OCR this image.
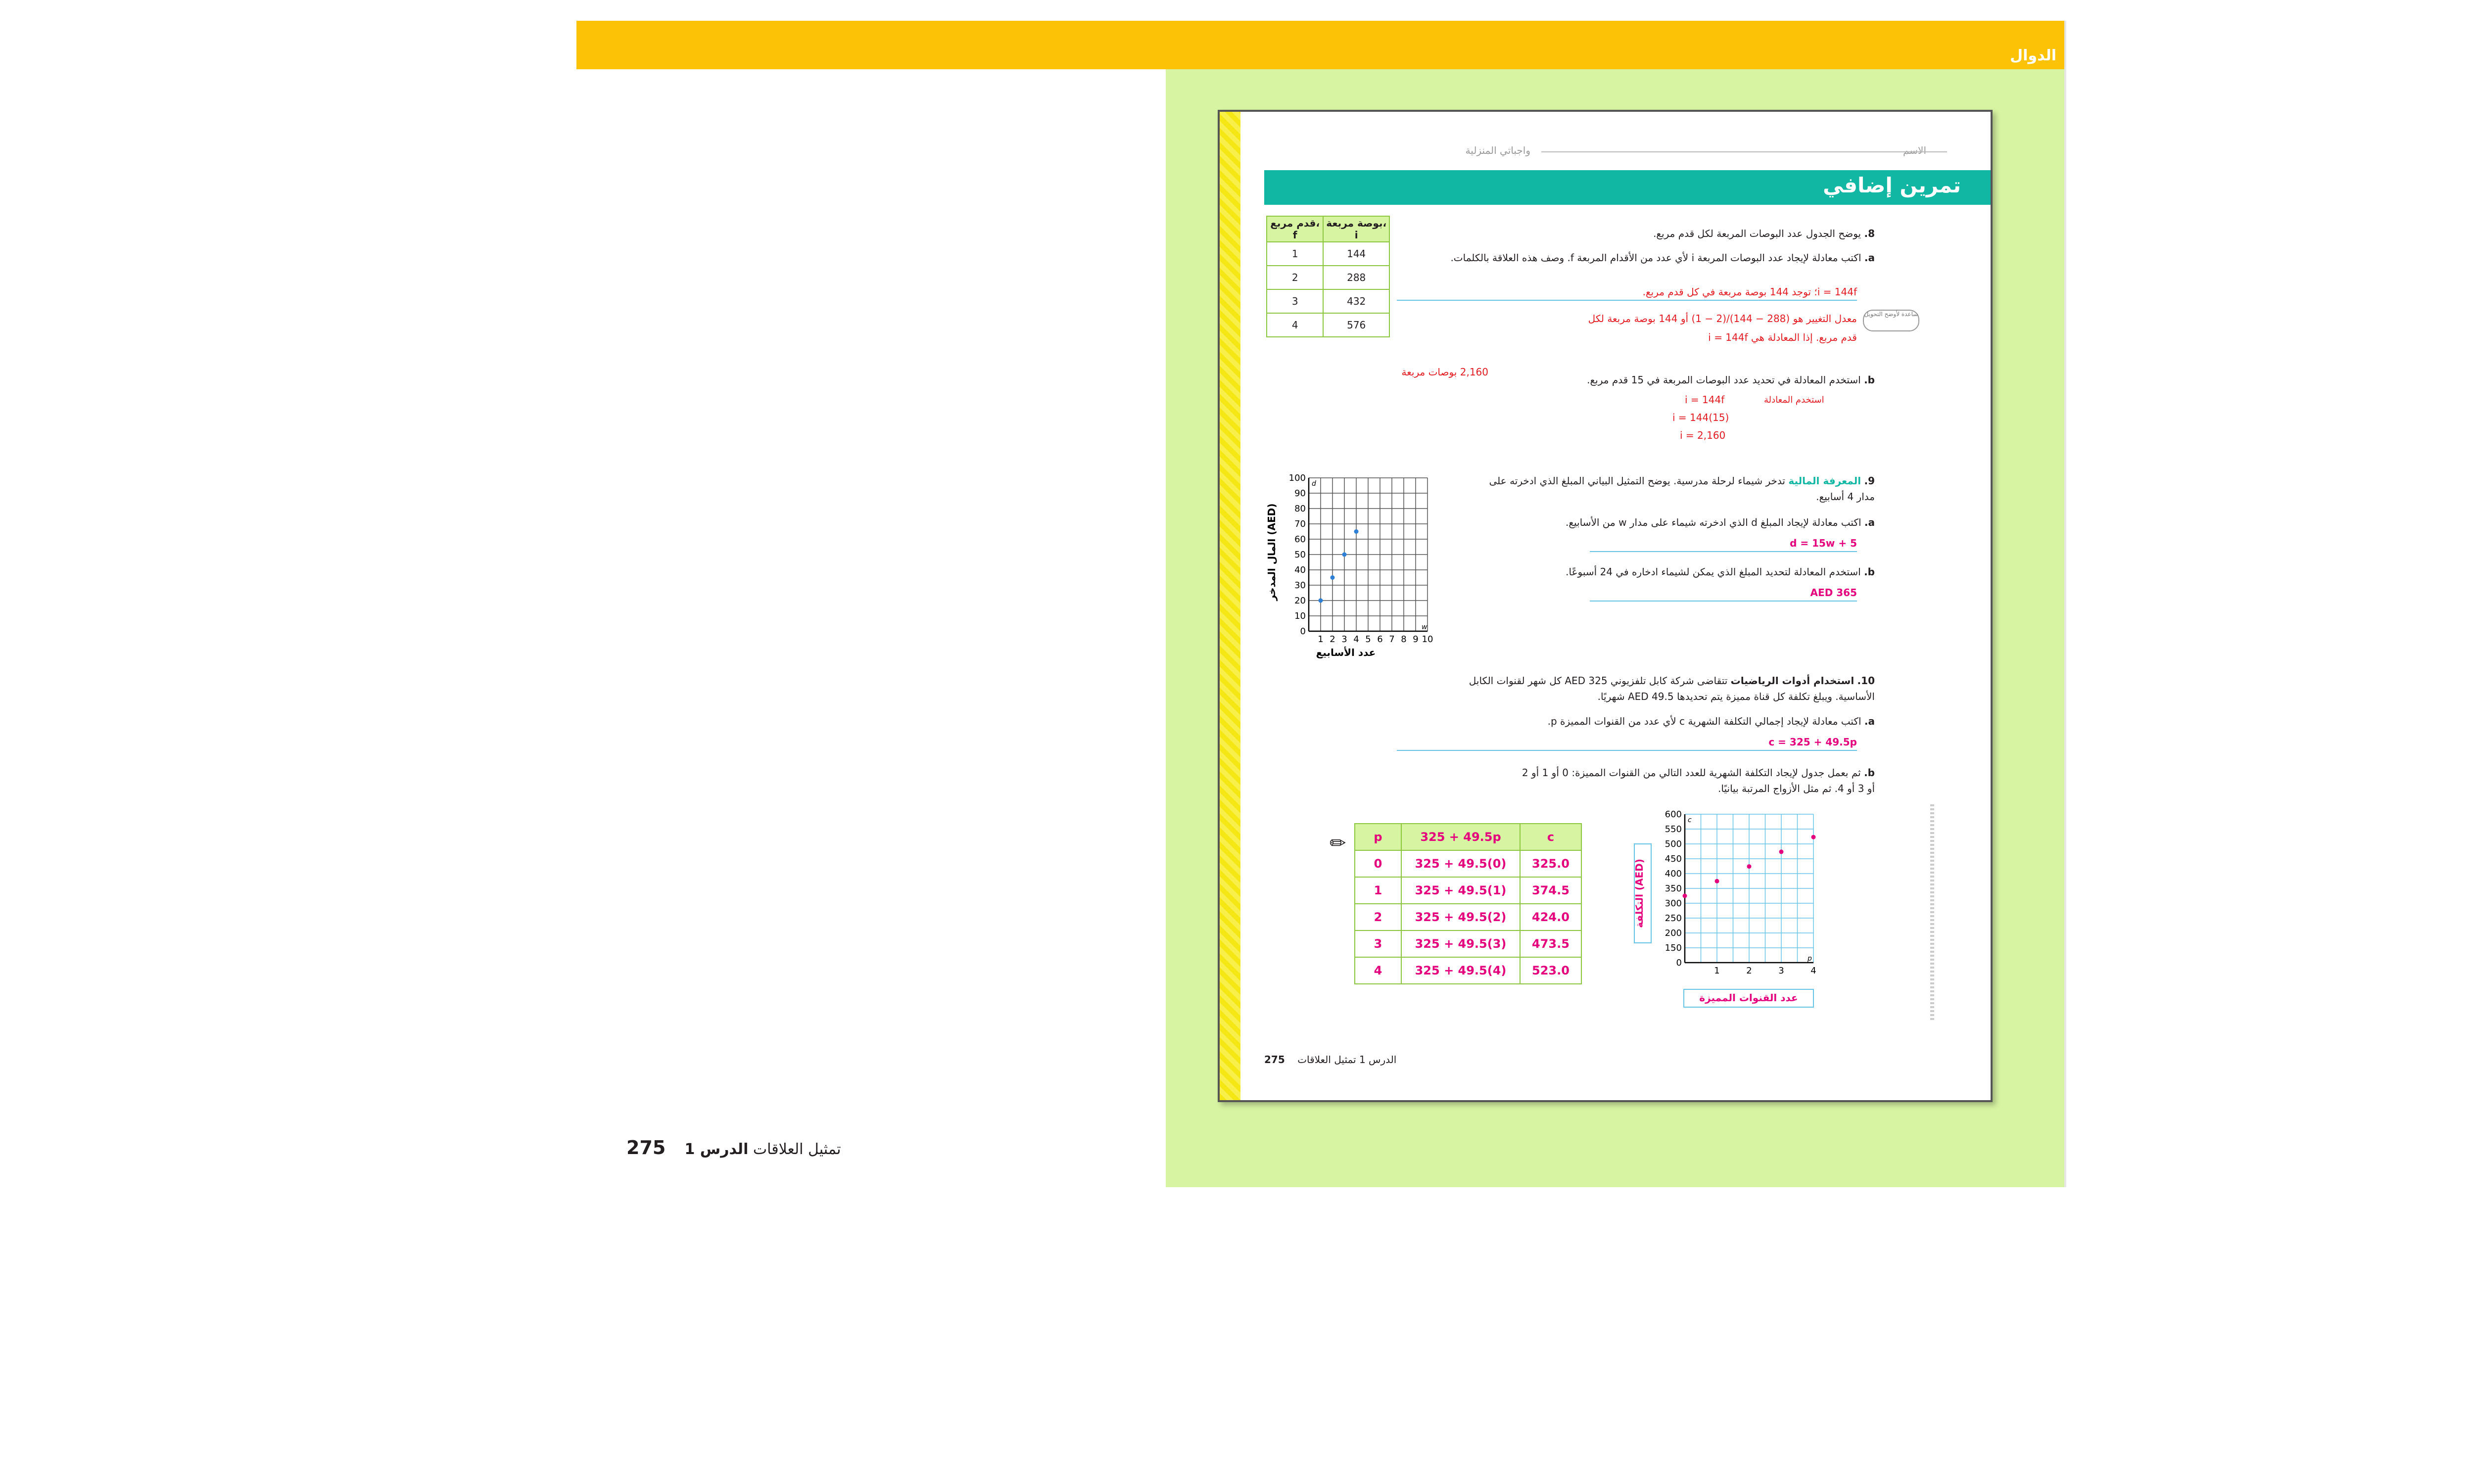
الدوال
الاسم
واجباتي المنزلية
تمرين إضافي
قدم مربع، f	بوصة مربعة، i
1	144
2	288
3	432
4	576
8. يوضح الجدول عدد البوصات المربعة لكل قدم مربع.
a. اكتب معادلة لإيجاد عدد البوصات المربعة i لأي عدد من الأقدام المربعة f. وصف هذه العلاقة بالكلمات.
i = 144f؛ توجد 144 بوصة مربعة في كل قدم مربع.
معدل التغيير هو (288 − 144)/(2 − 1) أو 144 بوصة مربعة لكل ساعدة لأوضح التحويل
قدم مربع. إذا المعادلة هي i = 144f
b. استخدم المعادلة في تحديد عدد البوصات المربعة في 15 قدم مربع.
2,160 بوصات مربعة
i = 144f	استخدم المعادلة
i = 144(15)
i = 2,160
9. المعرفة المالية تدخر شيماء لرحلة مدرسية. يوضح التمثيل البياني المبلغ الذي ادخرته على مدار 4 أسابيع.
a. اكتب معادلة لإيجاد المبلغ d الذي ادخرته شيماء على مدار w من الأسابيع.
d = 15w + 5
b. استخدم المعادلة لتحديد المبلغ الذي يمكن لشيماء ادخاره في 24 أسبوعًا.
AED 365
المال المدخر (AED)
عدد الأسابيع
0
10
20
30
40
50
60
70
80
90
100
1 2 3 4 5 6 7 8 9 10
d
w
10. استخدام أدوات الرياضيات تتقاضى شركة كابل تلفزيوني AED 325 كل شهر لقنوات الكابل الأساسية. ويبلغ تكلفة كل قناة مميزة يتم تحديدها AED 49.5 شهريًا.
a. اكتب معادلة لإيجاد إجمالي التكلفة الشهرية c لأي عدد من القنوات المميزة p.
c = 325 + 49.5p
b. ثم بعمل جدول لإيجاد التكلفة الشهرية للعدد التالي من القنوات المميزة: 0 أو 1 أو 2 أو 3 أو 4. ثم مثل الأزواج المرتبة بيانيًا.
✏ p	325 + 49.5p	c
0	325 + 49.5(0)	325.0
1	325 + 49.5(1)	374.5
2	325 + 49.5(2)	424.0
3	325 + 49.5(3)	473.5
4	325 + 49.5(4)	523.0
التكلفة (AED)
عدد القنوات المميزة
0
150
200
250
300
350
400
450
500
550
600
1	2	3	4
c
p
275 الدرس 1 تمثيل العلاقات
275	تمثيل العلاقات الدرس 1
